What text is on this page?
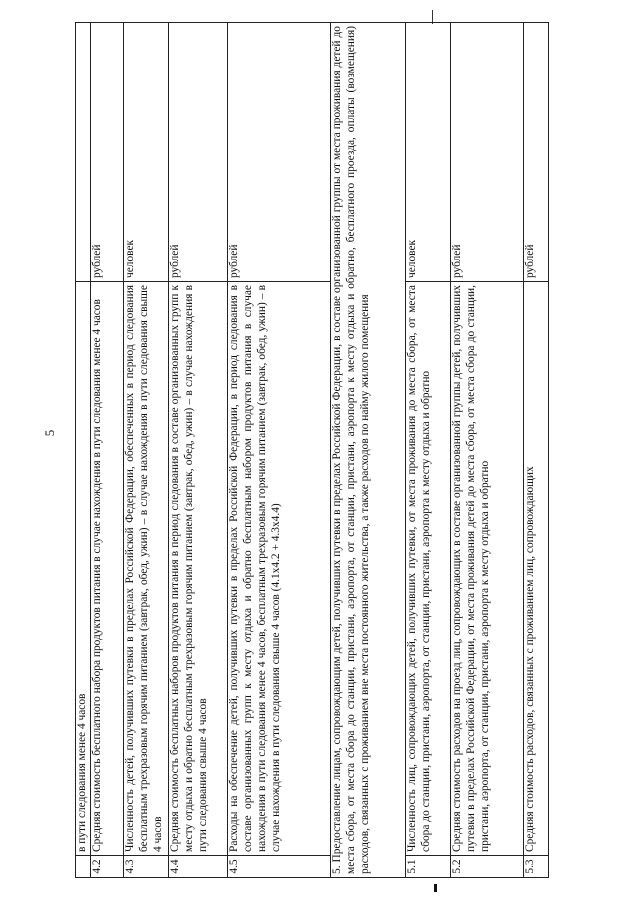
5
	в пути следования менее 4 часов	
4.2	Средняя стоимость бесплатного набора продуктов питания в случае нахождения в пути следования менее 4 часов	рублей
4.3	Численность детей, получивших путевки в пределах Российской Федерации, обеспеченных в период следования бесплатным трехразовым горячим питанием (завтрак, обед, ужин) – в случае нахождения в пути следования свыше 4 часов	человек
4.4	Средняя стоимость бесплатных наборов продуктов питания в период следования в составе организованных групп к месту отдыха и обратно бесплатным трехразовым горячим питанием (завтрак, обед, ужин) – в случае нахождения в пути следования свыше 4 часов	рублей
4.5	Расходы на обеспечение детей, получивших путевки в пределах Российской Федерации, в период следования в составе организованных групп к месту отдыха и обратно бесплатным набором продуктов питания в случае нахождения в пути следования менее 4 часов, бесплатным трехразовым горячим питанием (завтрак, обед, ужин) – в случае нахождения в пути следования свыше 4 часов (4.1х4.2 + 4.3х4.4)	рублей
5. Предоставление лицам, сопровождающим детей, получивших путевки в пределах Российской Федерации, в составе организованной группы от места проживания детей до места сбора, от места сбора до станции, пристани, аэропорта, от станции, пристани, аэропорта к месту отдыха и обратно, бесплатного проезда, оплаты (возмещения) расходов, связанных с проживанием вне места постоянного жительства, а также расходов по найму жилого помещения		
5.1	Численность лиц, сопровождающих детей, получивших путевки, от места проживания до места сбора, от места сбора до станции, пристани, аэропорта, от станции, пристани, аэропорта к месту отдыха и обратно	человек
5.2	Средняя стоимость расходов на проезд лиц, сопровождающих в составе организованной группы детей, получивших путевки в пределах Российской Федерации, от места проживания детей до места сбора, от места сбора до станции, пристани, аэропорта, от станции, пристани, аэропорта к месту отдыха и обратно	рублей
5.3	Средняя стоимость расходов, связанных с проживанием лиц, сопровождающих	рублей
